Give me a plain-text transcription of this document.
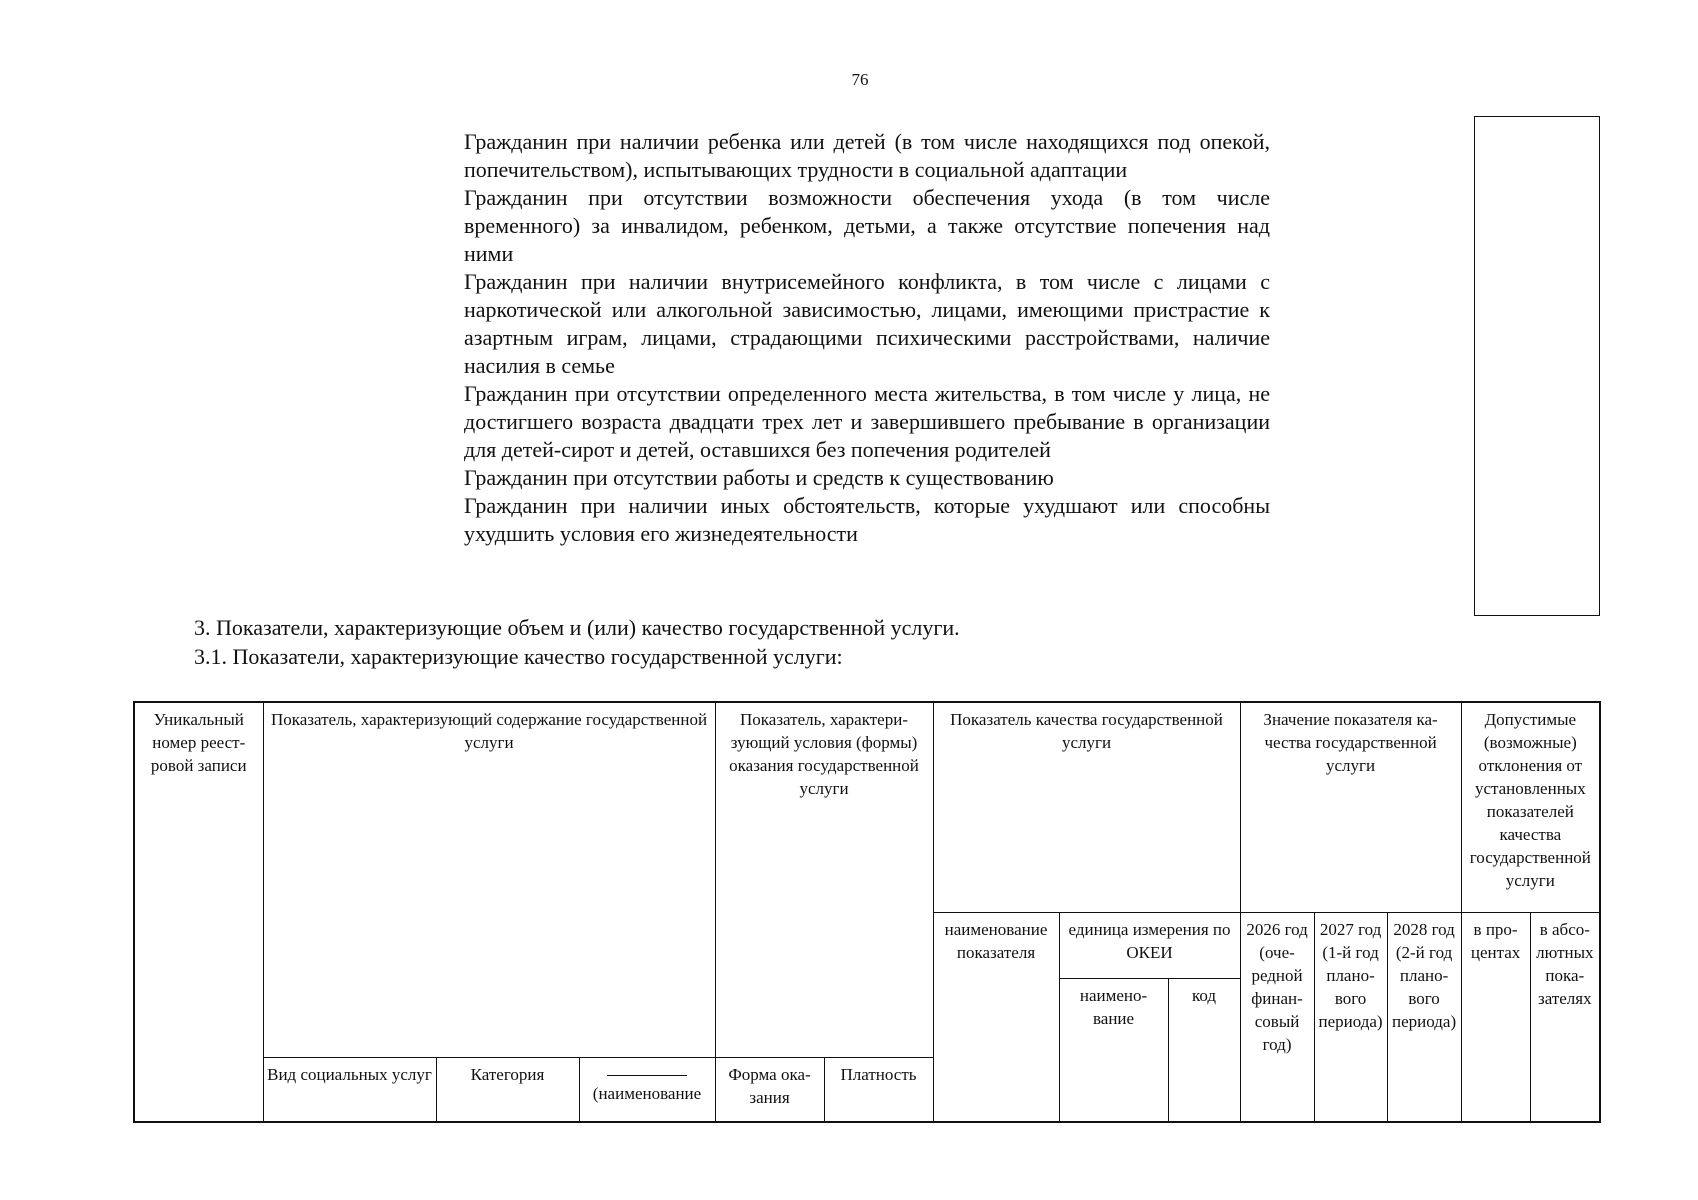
76
Гражданин при наличии ребенка или детей (в том числе находящихся под опекой, попечительством), испытывающих трудности в социальной адаптации
Гражданин при отсутствии возможности обеспечения ухода (в том числе временного) за инвалидом, ребенком, детьми, а также отсутствие попечения над ними
Гражданин при наличии внутрисемейного конфликта, в том числе с лицами с наркотической или алкогольной зависимостью, лицами, имеющими пристрастие к азартным играм, лицами, страдающими психическими расстройствами, наличие насилия в семье
Гражданин при отсутствии определенного места жительства, в том числе у лица, не достигшего возраста двадцати трех лет и завершившего пребывание в организации для детей-сирот и детей, оставшихся без попечения родителей
Гражданин при отсутствии работы и средств к существованию
Гражданин при наличии иных обстоятельств, которые ухудшают или способны ухудшить условия его жизнедеятельности
3. Показатели, характеризующие объем и (или) качество государственной услуги.
3.1. Показатели, характеризующие качество государственной услуги:
Уникальный номер реестровой записи	Показатель, характеризующий содержание государственной услуги			Показатель, характеризующий условия (формы) оказания государственной услуги		Показатель качества государственной услуги			Значение показателя качества государственной услуги			Допустимые (возможные) отклонения от установленных показателей качества государственной услуги	
						наименование показателя	единица измерения по ОКЕИ		2026 год (очередной финансовый год)	2027 год (1-й год планового периода)	2028 год (2-й год планового периода)	в процентах	в абсолютных показателях
							наименование	код					
	Вид социальных услуг	Категория	(наименование	Форма оказания	Платность								
